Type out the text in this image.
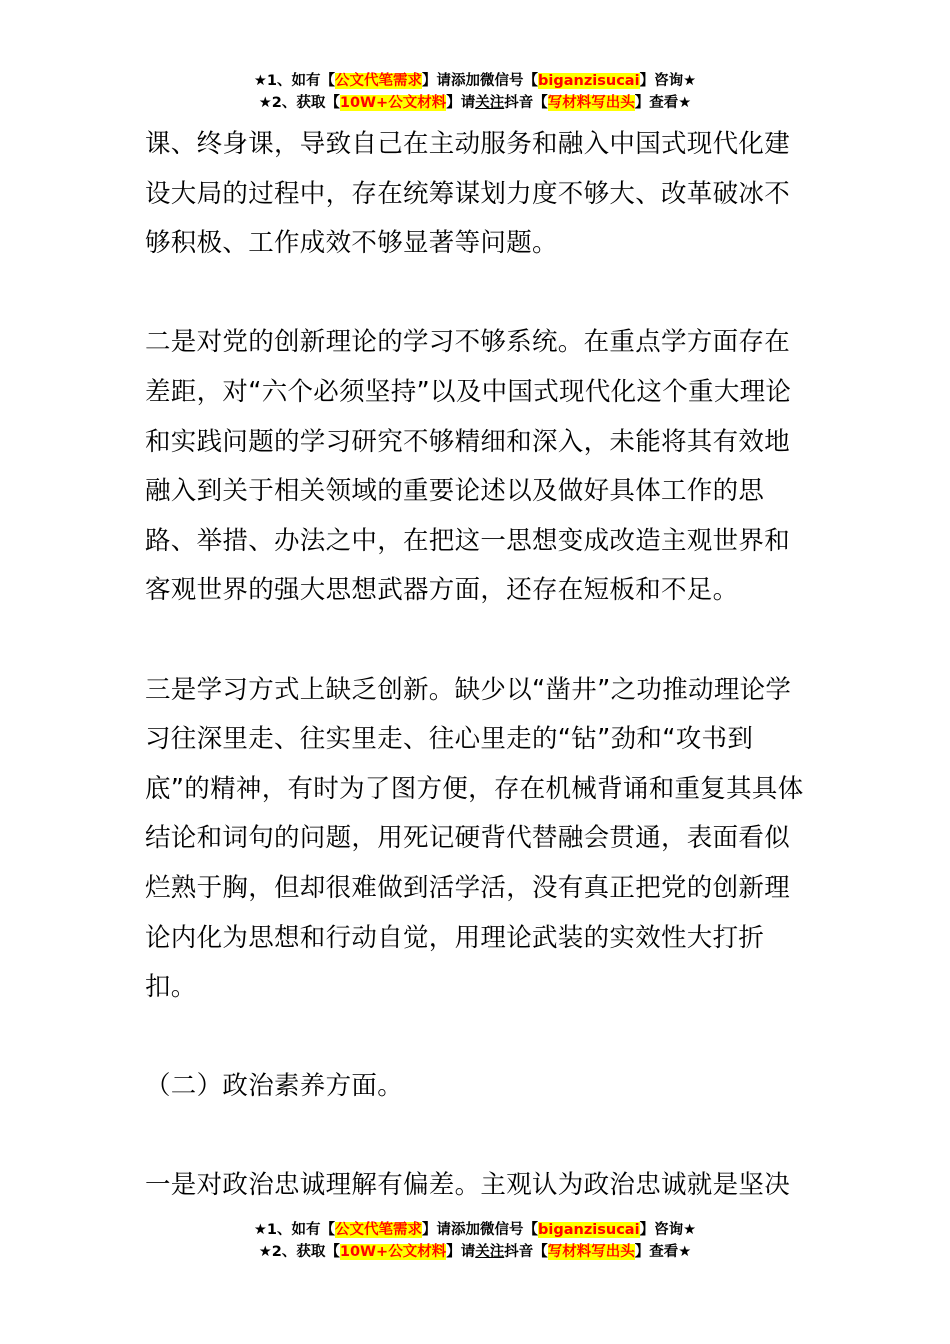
★1、如有【公文代笔需求】请添加微信号【biganzisucai】咨询★
★2、获取【10W+公文材料】请关注抖音【写材料写出头】查看★

课、终身课，导致自己在主动服务和融入中国式现代化建设大局的过程中，存在统筹谋划力度不够大、改革破冰不够积极、工作成效不够显著等问题。

二是对党的创新理论的学习不够系统。在重点学方面存在差距，对“六个必须坚持”以及中国式现代化这个重大理论和实践问题的学习研究不够精细和深入，未能将其有效地融入到关于相关领域的重要论述以及做好具体工作的思路、举措、办法之中，在把这一思想变成改造主观世界和客观世界的强大思想武器方面，还存在短板和不足。

三是学习方式上缺乏创新。缺少以“凿井”之功推动理论学习往深里走、往实里走、往心里走的“钻”劲和“攻书到底”的精神，有时为了图方便，存在机械背诵和重复其具体结论和词句的问题，用死记硬背代替融会贯通，表面看似烂熟于胸，但却很难做到活学活，没有真正把党的创新理论内化为思想和行动自觉，用理论武装的实效性大打折扣。

（二）政治素养方面。

一是对政治忠诚理解有偏差。主观认为政治忠诚就是坚决

★1、如有【公文代笔需求】请添加微信号【biganzisucai】咨询★
★2、获取【10W+公文材料】请关注抖音【写材料写出头】查看★
